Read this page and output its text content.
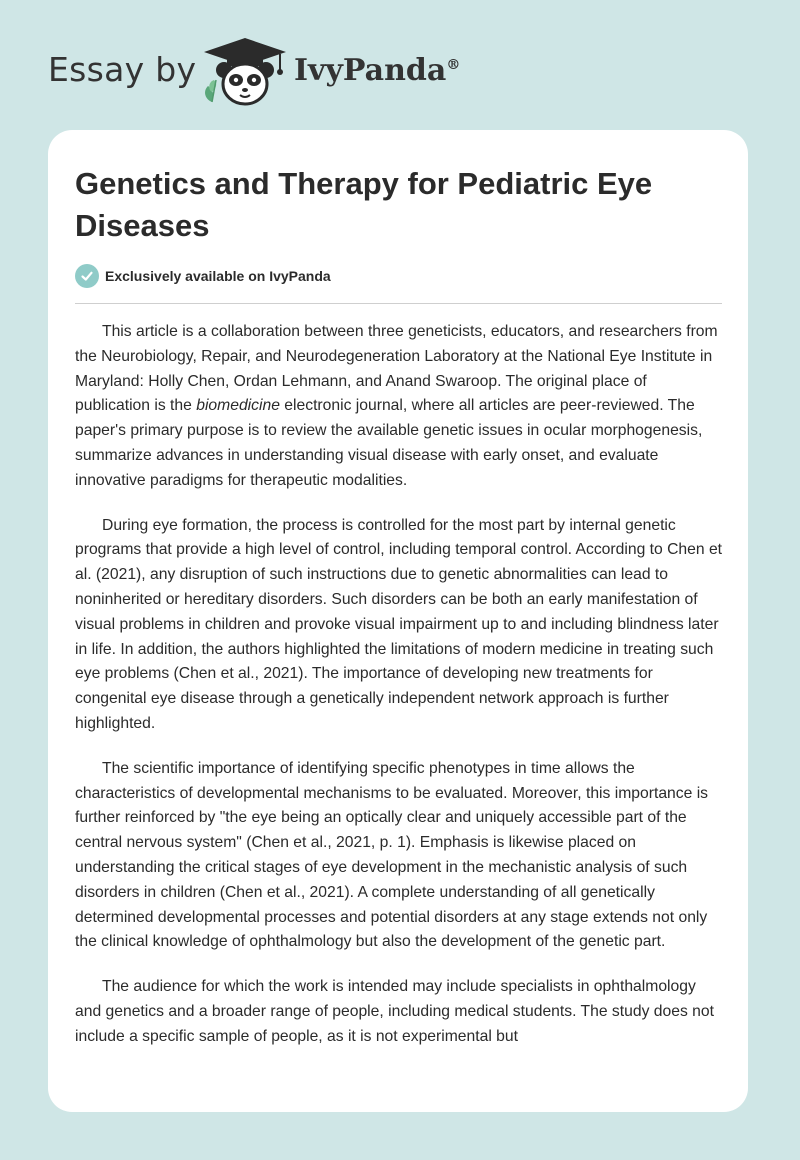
Essay by	IvyPanda®
Genetics and Therapy for Pediatric Eye Diseases
Exclusively available on IvyPanda

This article is a collaboration between three geneticists, educators, and researchers from the Neurobiology, Repair, and Neurodegeneration Laboratory at the National Eye Institute in Maryland: Holly Chen, Ordan Lehmann, and Anand Swaroop. The original place of publication is the biomedicine electronic journal, where all articles are peer-reviewed. The paper's primary purpose is to review the available genetic issues in ocular morphogenesis, summarize advances in understanding visual disease with early onset, and evaluate innovative paradigms for therapeutic modalities.

During eye formation, the process is controlled for the most part by internal genetic programs that provide a high level of control, including temporal control. According to Chen et al. (2021), any disruption of such instructions due to genetic abnormalities can lead to noninherited or hereditary disorders. Such disorders can be both an early manifestation of visual problems in children and provoke visual impairment up to and including blindness later in life. In addition, the authors highlighted the limitations of modern medicine in treating such eye problems (Chen et al., 2021). The importance of developing new treatments for congenital eye disease through a genetically independent network approach is further highlighted.

The scientific importance of identifying specific phenotypes in time allows the characteristics of developmental mechanisms to be evaluated. Moreover, this importance is further reinforced by "the eye being an optically clear and uniquely accessible part of the central nervous system" (Chen et al., 2021, p. 1). Emphasis is likewise placed on understanding the critical stages of eye development in the mechanistic analysis of such disorders in children (Chen et al., 2021). A complete understanding of all genetically determined developmental processes and potential disorders at any stage extends not only the clinical knowledge of ophthalmology but also the development of the genetic part.

The audience for which the work is intended may include specialists in ophthalmology and genetics and a broader range of people, including medical students. The study does not include a specific sample of people, as it is not experimental but
